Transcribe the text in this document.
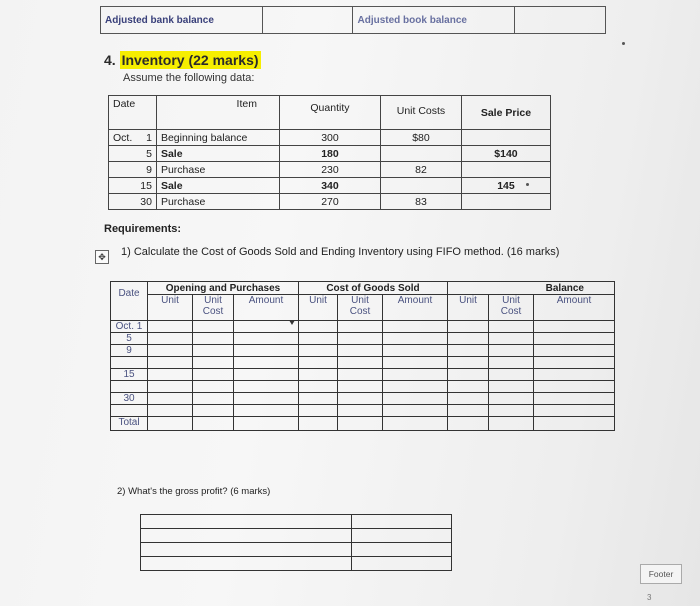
Adjusted bank balance		Adjusted book balance	
4. Inventory (22 marks)
Assume the following data:
Date		Item	Quantity	Unit Costs	Sale Price
Oct.	1	Beginning balance	300	$80	
	5	Sale	180		$140
	9	Purchase	230	82	
	15	Sale	340		145
	30	Purchase	270	83	
Requirements:
✥ 1) Calculate the Cost of Goods Sold and Ending Inventory using FIFO method. (16 marks)
Date	Opening and Purchases			Cost of Goods Sold			Balance		
	Unit	Unit Cost	Amount	Unit	Unit Cost	Amount	Unit	Unit Cost	Amount
Oct. 1									
5									
9									

15									

30									

Total									
2) What's the gross profit? (6 marks)

Footer
3
